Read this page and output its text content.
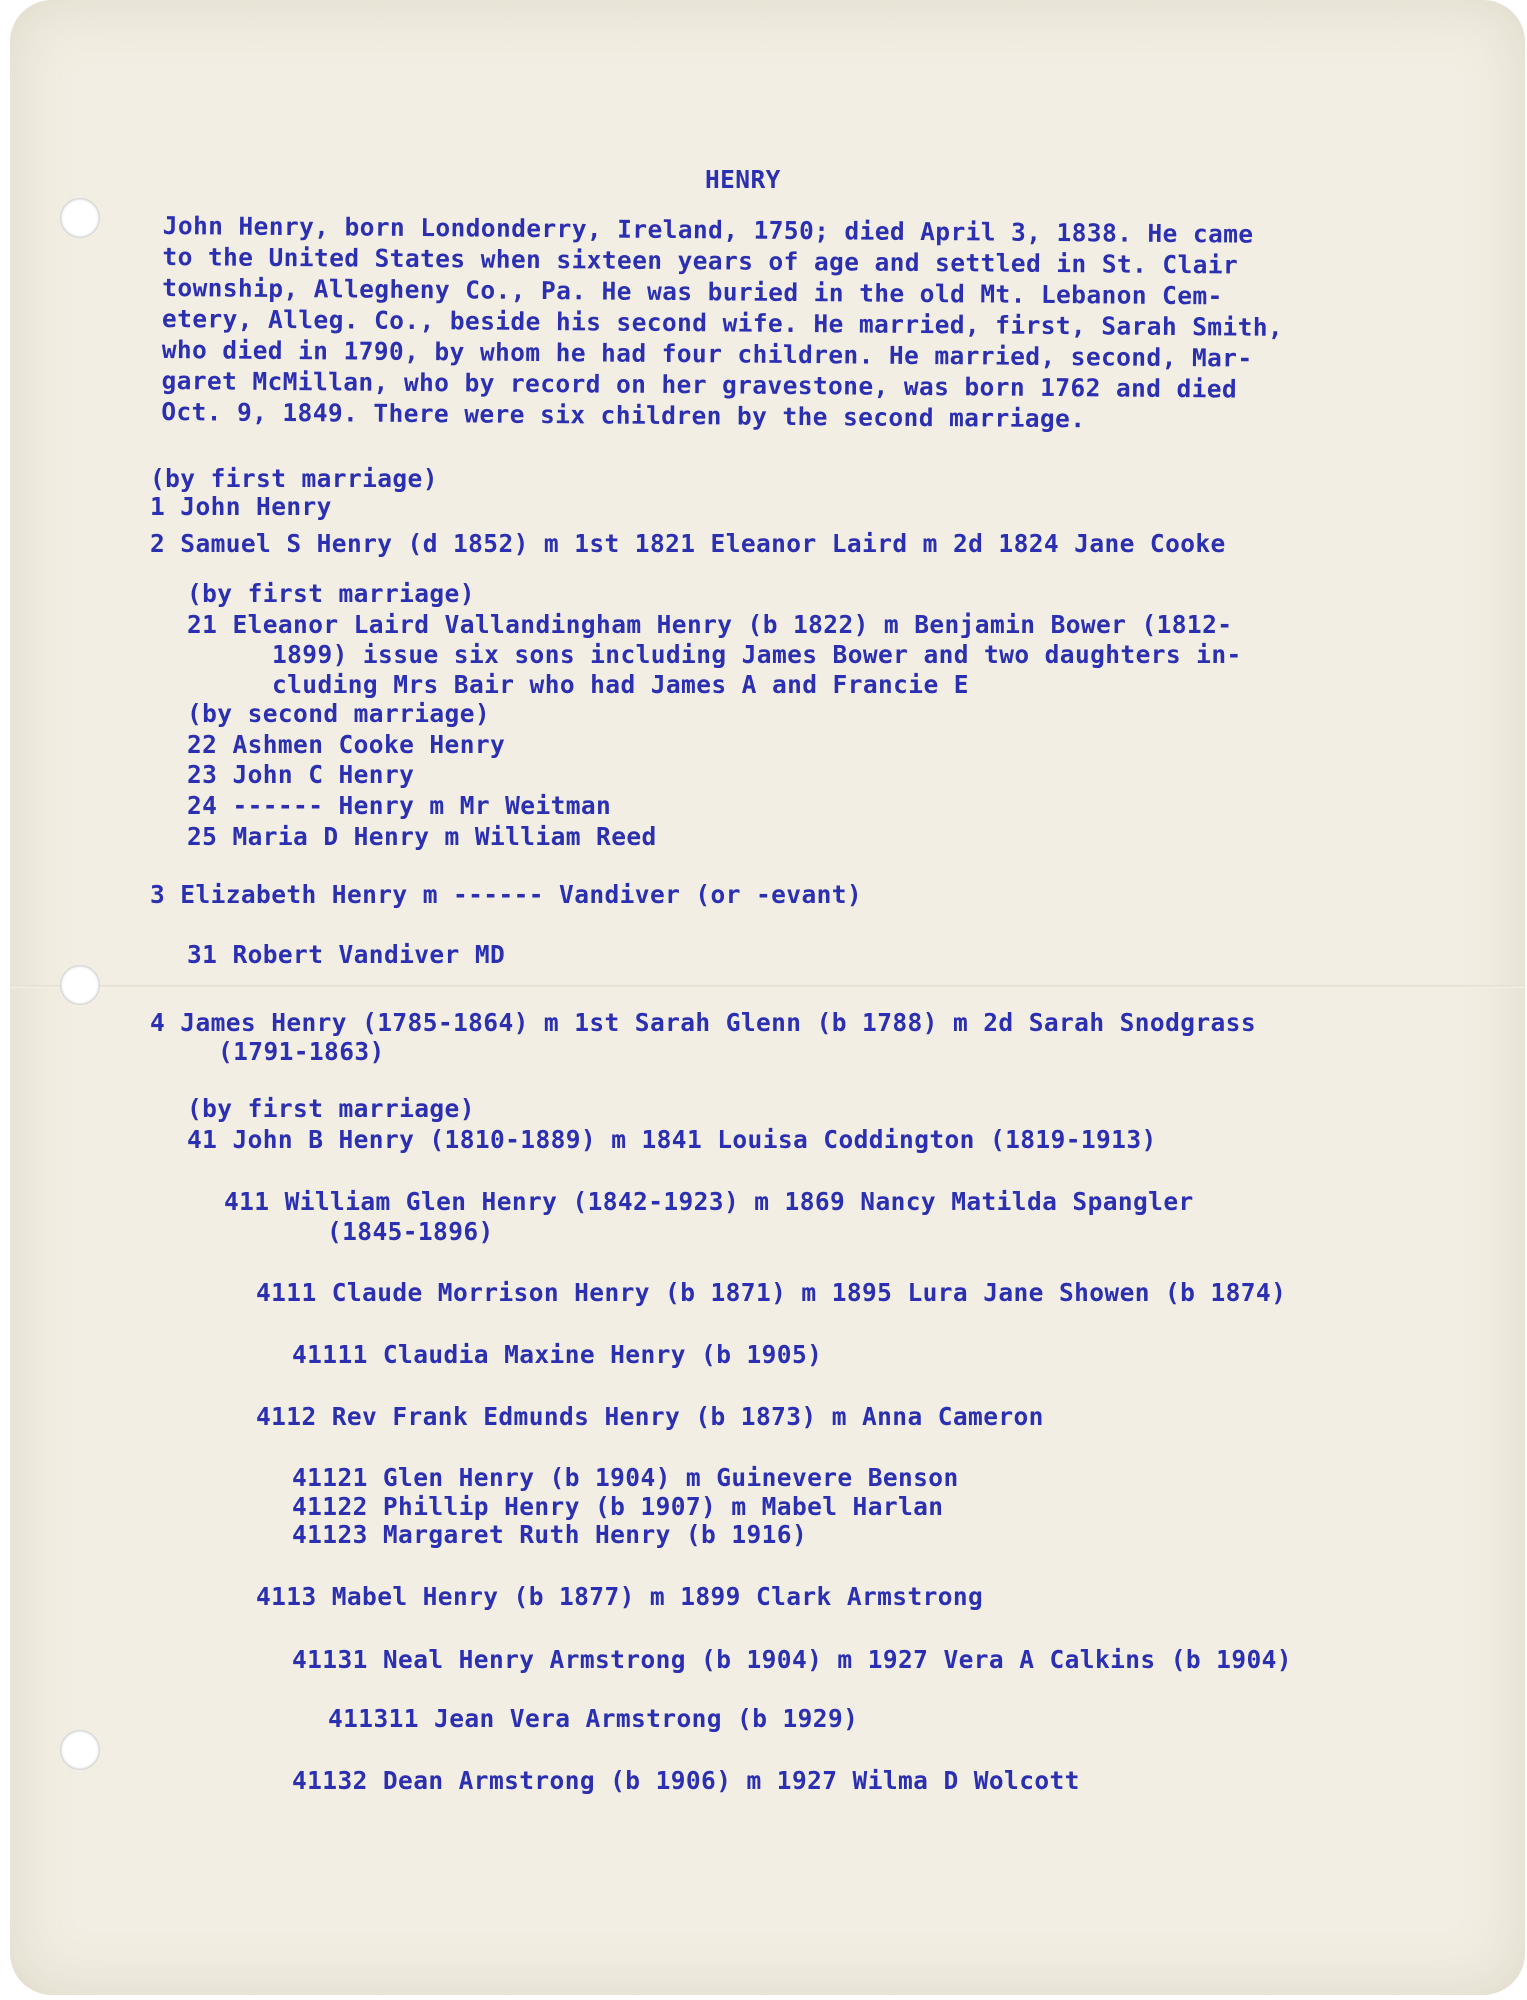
HENRY
John Henry, born Londonderry, Ireland, 1750; died April 3, 1838. He came
to the United States when sixteen years of age and settled in St. Clair
township, Allegheny Co., Pa. He was buried in the old Mt. Lebanon Cem-
etery, Alleg. Co., beside his second wife. He married, first, Sarah Smith,
who died in 1790, by whom he had four children. He married, second, Mar-
garet McMillan, who by record on her gravestone, was born 1762 and died
Oct. 9, 1849. There were six children by the second marriage.
(by first marriage)
1 John Henry
2 Samuel S Henry (d 1852) m 1st 1821 Eleanor Laird m 2d 1824 Jane Cooke
(by first marriage)
21 Eleanor Laird Vallandingham Henry (b 1822) m Benjamin Bower (1812-
1899) issue six sons including James Bower and two daughters in-
cluding Mrs Bair who had James A and Francie E
(by second marriage)
22 Ashmen Cooke Henry
23 John C Henry
24 ------ Henry m Mr Weitman
25 Maria D Henry m William Reed
3 Elizabeth Henry m ------ Vandiver (or -evant)
31 Robert Vandiver MD
4 James Henry (1785-1864) m 1st Sarah Glenn (b 1788) m 2d Sarah Snodgrass
(1791-1863)
(by first marriage)
41 John B Henry (1810-1889) m 1841 Louisa Coddington (1819-1913)
411 William Glen Henry (1842-1923) m 1869 Nancy Matilda Spangler
(1845-1896)
4111 Claude Morrison Henry (b 1871) m 1895 Lura Jane Showen (b 1874)
41111 Claudia Maxine Henry (b 1905)
4112 Rev Frank Edmunds Henry (b 1873) m Anna Cameron
41121 Glen Henry (b 1904) m Guinevere Benson
41122 Phillip Henry (b 1907) m Mabel Harlan
41123 Margaret Ruth Henry (b 1916)
4113 Mabel Henry (b 1877) m 1899 Clark Armstrong
41131 Neal Henry Armstrong (b 1904) m 1927 Vera A Calkins (b 1904)
411311 Jean Vera Armstrong (b 1929)
41132 Dean Armstrong (b 1906) m 1927 Wilma D Wolcott
